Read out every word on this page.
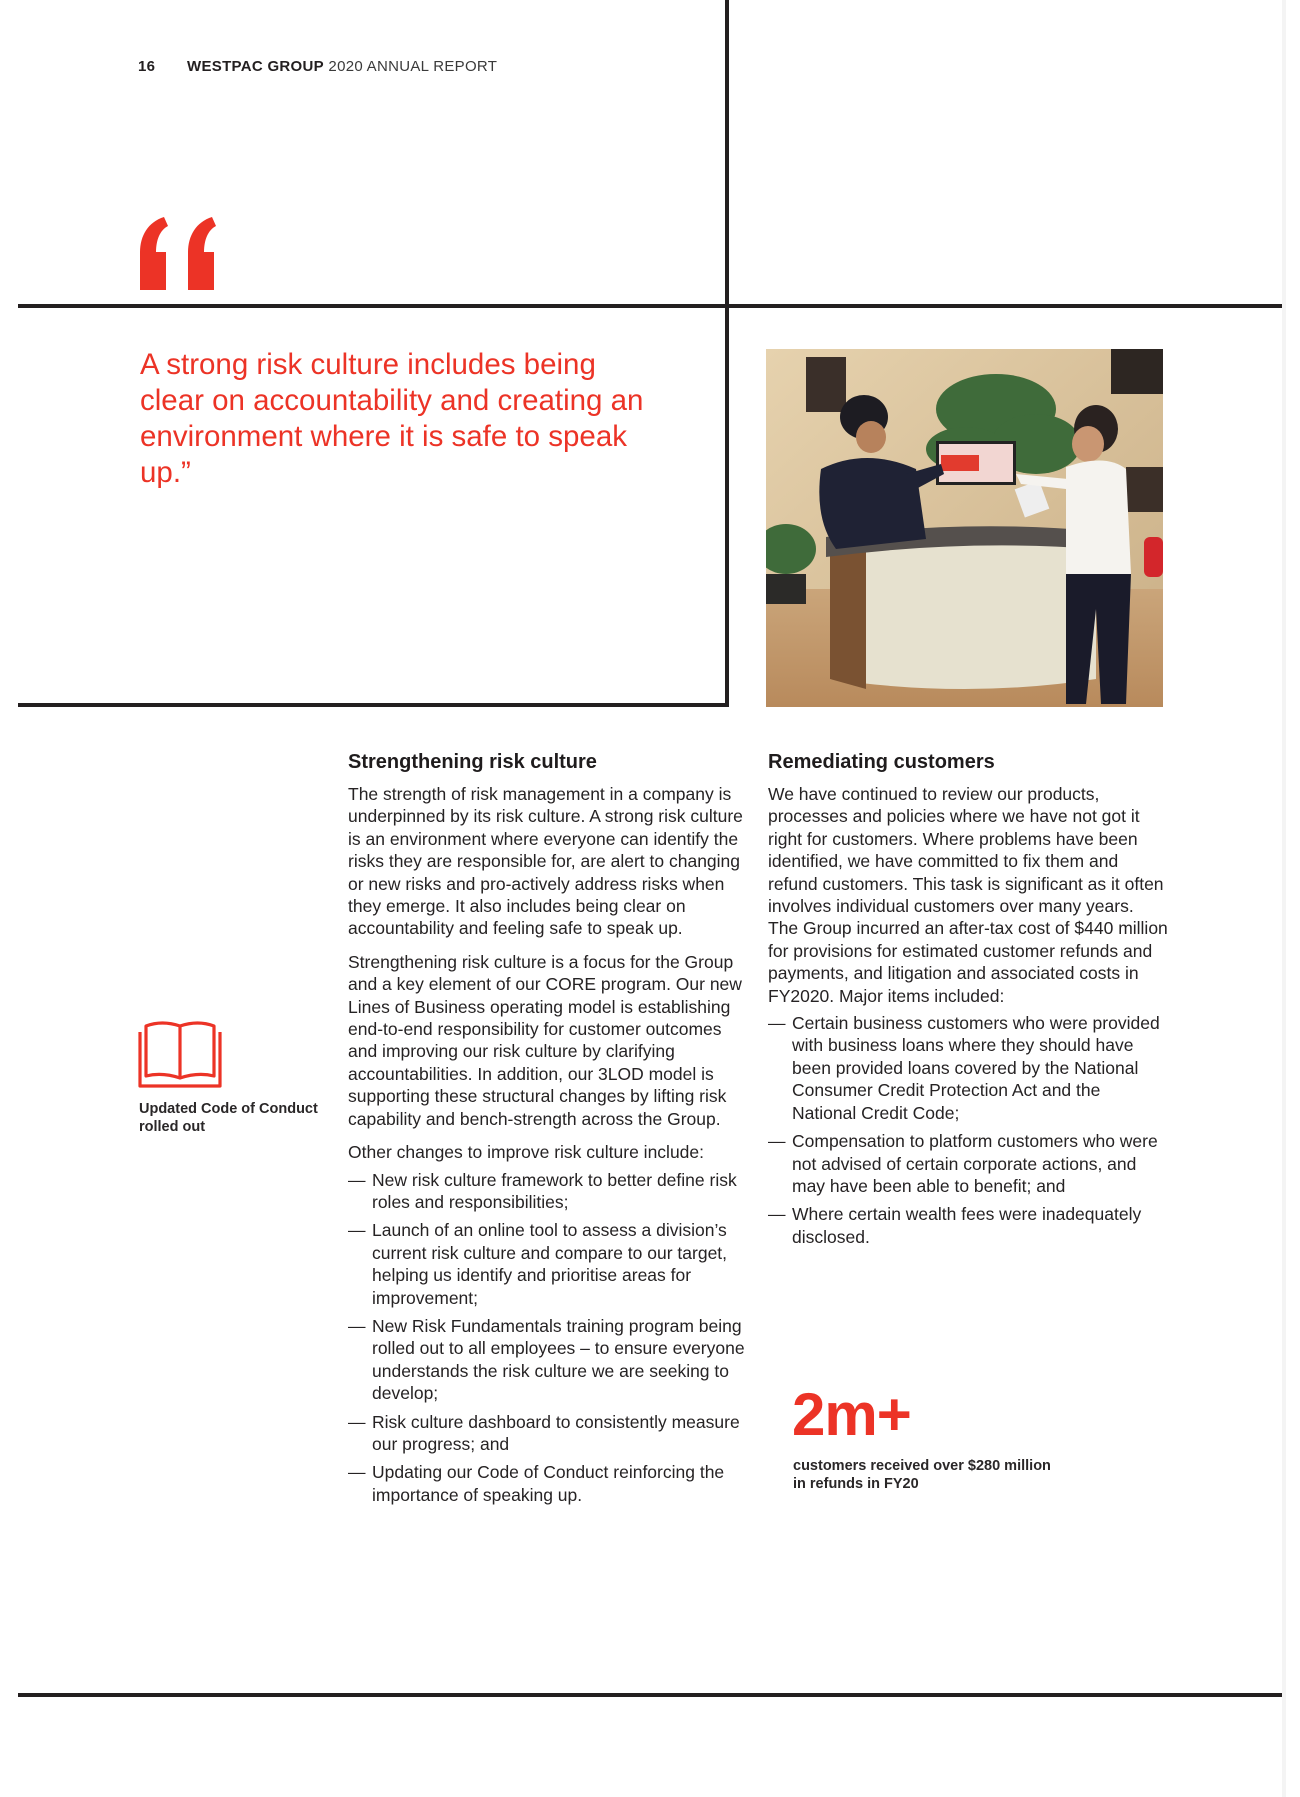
16 WESTPAC GROUP 2020 ANNUAL REPORT
A strong risk culture includes being clear on accountability and creating an environment where it is safe to speak up.”
Updated Code of Conduct rolled out
Strengthening risk culture

The strength of risk management in a company is underpinned by its risk culture. A strong risk culture is an environment where everyone can identify the risks they are responsible for, are alert to changing or new risks and pro-actively address risks when they emerge. It also includes being clear on accountability and feeling safe to speak up.

Strengthening risk culture is a focus for the Group and a key element of our CORE program. Our new Lines of Business operating model is establishing end-to-end responsibility for customer outcomes and improving our risk culture by clarifying accountabilities. In addition, our 3LOD model is supporting these structural changes by lifting risk capability and bench-strength across the Group.

Other changes to improve risk culture include:

— New risk culture framework to better define risk roles and responsibilities;
— Launch of an online tool to assess a division’s current risk culture and compare to our target, helping us identify and prioritise areas for improvement;
— New Risk Fundamentals training program being rolled out to all employees – to ensure everyone understands the risk culture we are seeking to develop;
— Risk culture dashboard to consistently measure our progress; and
— Updating our Code of Conduct reinforcing the importance of speaking up.
Remediating customers

We have continued to review our products, processes and policies where we have not got it right for customers. Where problems have been identified, we have committed to fix them and refund customers. This task is significant as it often involves individual customers over many years. The Group incurred an after-tax cost of $440 million for provisions for estimated customer refunds and payments, and litigation and associated costs in FY2020. Major items included:

— Certain business customers who were provided with business loans where they should have been provided loans covered by the National Consumer Credit Protection Act and the National Credit Code;
— Compensation to platform customers who were not advised of certain corporate actions, and may have been able to benefit; and
— Where certain wealth fees were inadequately disclosed.
2m+
customers received over $280 million in refunds in FY20
